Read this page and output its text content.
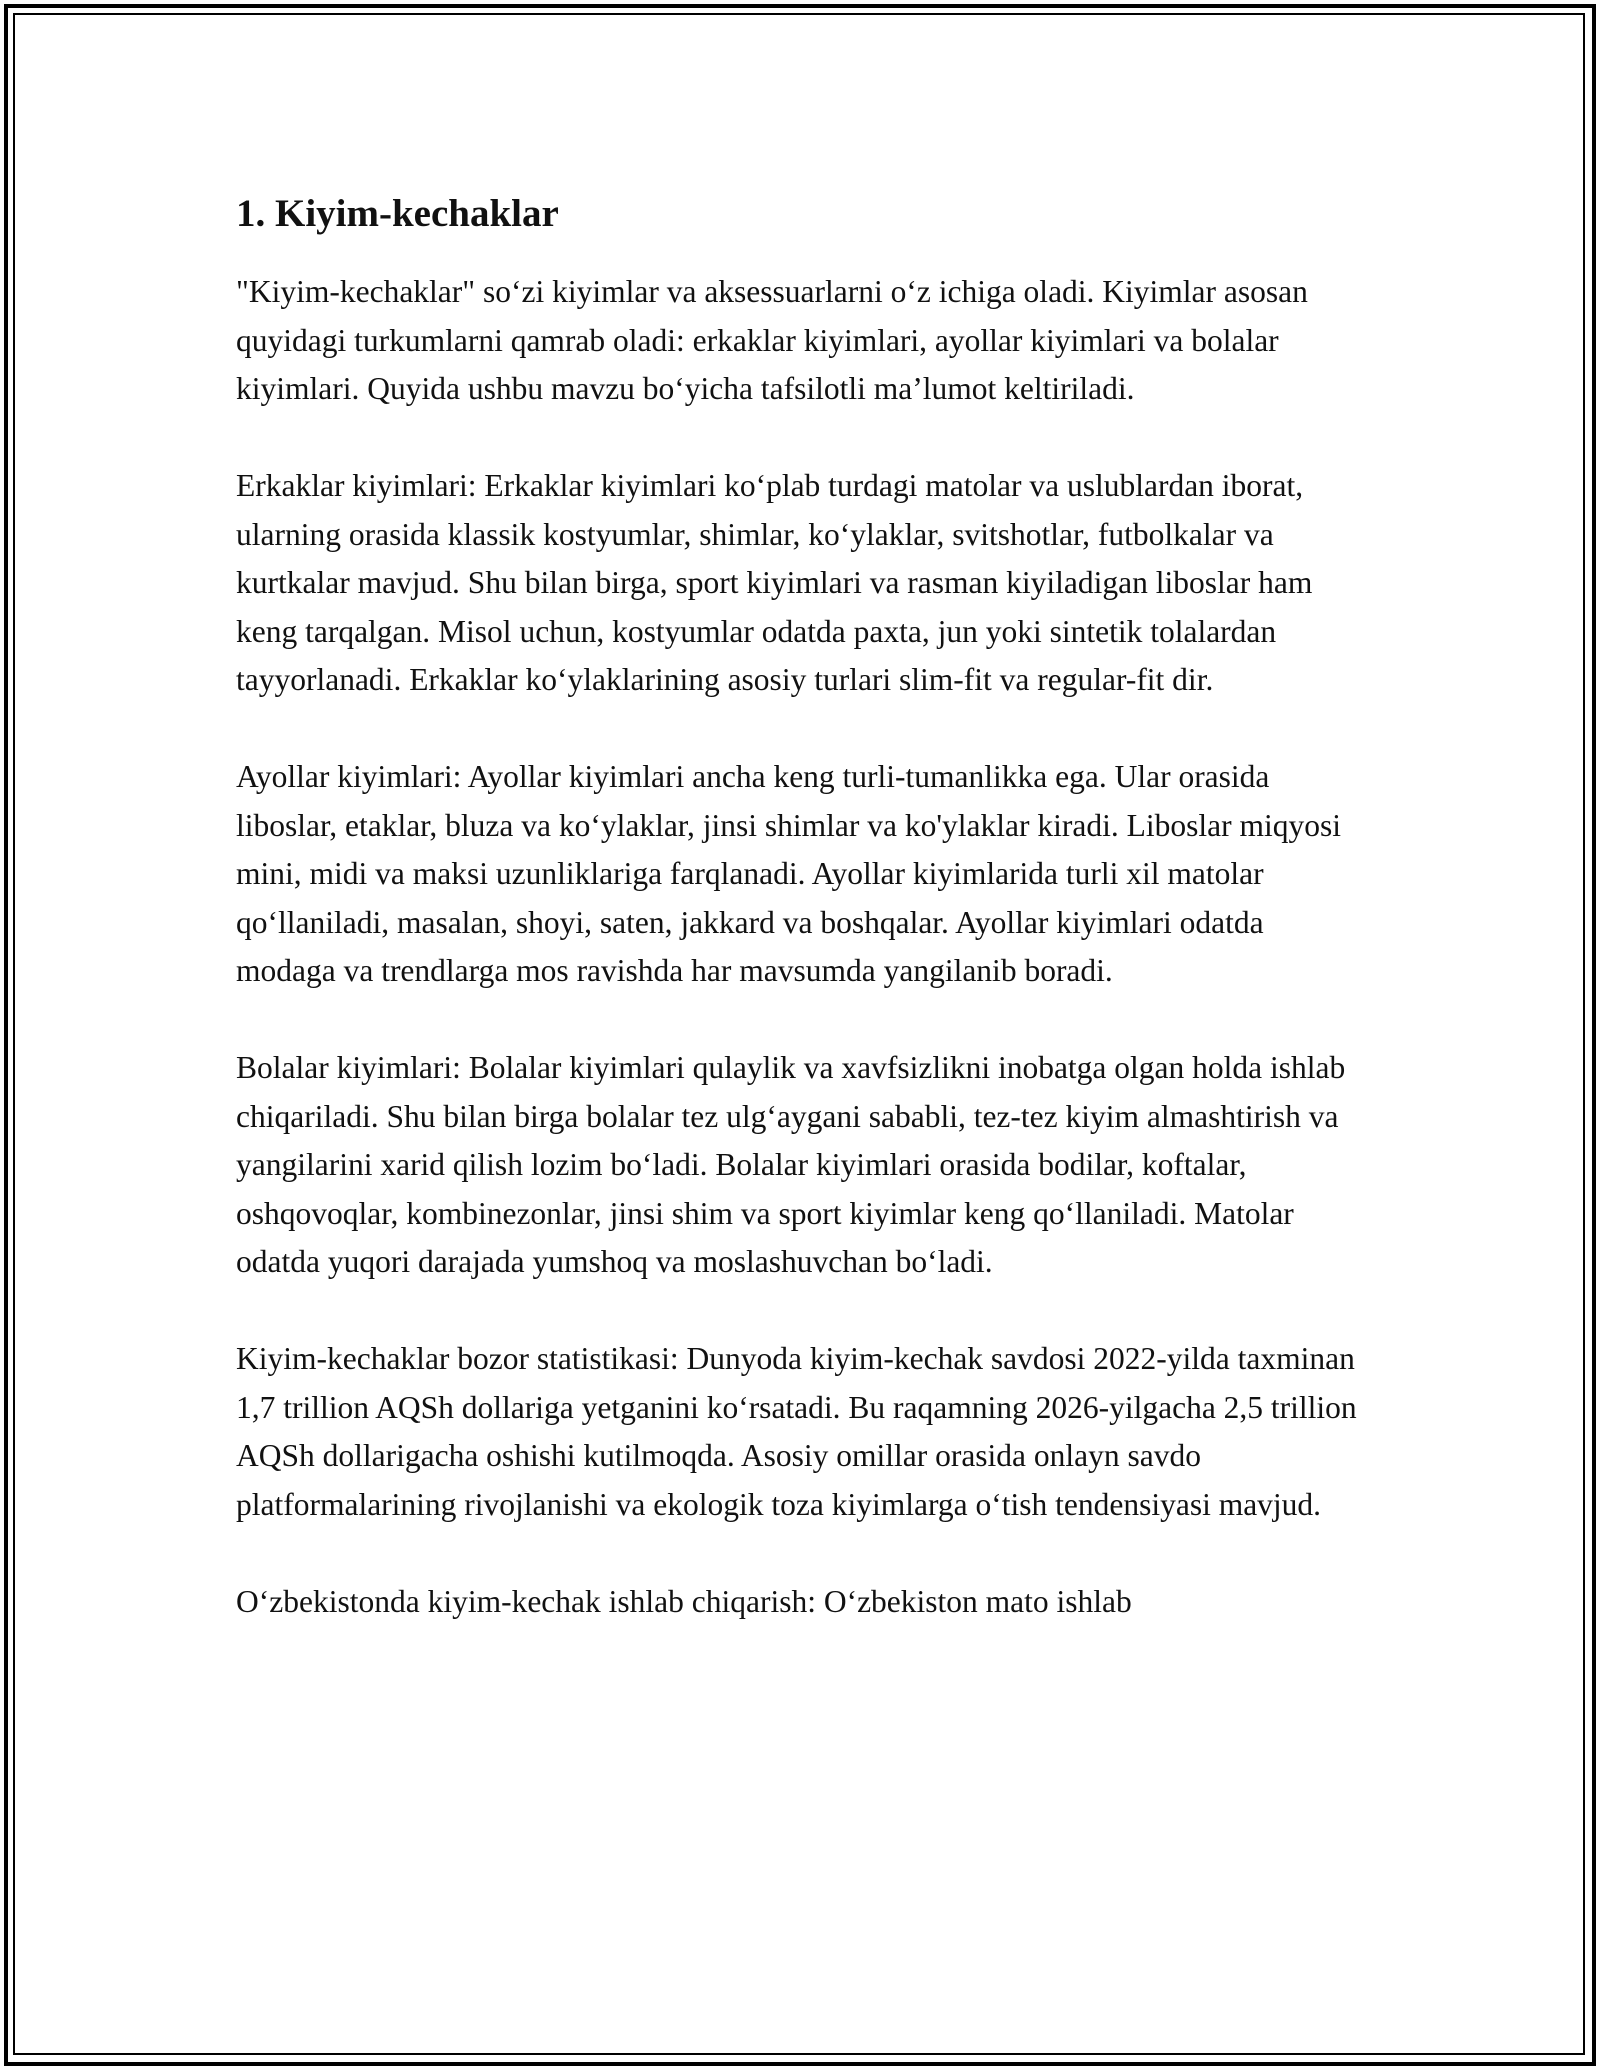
1. Kiyim-kechaklar

"Kiyim-kechaklar" so‘zi kiyimlar va aksessuarlarni o‘z ichiga oladi. Kiyimlar asosan quyidagi turkumlarni qamrab oladi: erkaklar kiyimlari, ayollar kiyimlari va bolalar kiyimlari. Quyida ushbu mavzu bo‘yicha tafsilotli ma’lumot keltiriladi.

Erkaklar kiyimlari: Erkaklar kiyimlari ko‘plab turdagi matolar va uslublardan iborat, ularning orasida klassik kostyumlar, shimlar, ko‘ylaklar, svitshotlar, futbolkalar va kurtkalar mavjud. Shu bilan birga, sport kiyimlari va rasman kiyiladigan liboslar ham keng tarqalgan. Misol uchun, kostyumlar odatda paxta, jun yoki sintetik tolalardan tayyorlanadi. Erkaklar ko‘ylaklarining asosiy turlari slim-fit va regular-fit dir.

Ayollar kiyimlari: Ayollar kiyimlari ancha keng turli-tumanlikka ega. Ular orasida liboslar, etaklar, bluza va ko‘ylaklar, jinsi shimlar va ko'ylaklar kiradi. Liboslar miqyosi mini, midi va maksi uzunliklariga farqlanadi. Ayollar kiyimlarida turli xil matolar qo‘llaniladi, masalan, shoyi, saten, jakkard va boshqalar. Ayollar kiyimlari odatda modaga va trendlarga mos ravishda har mavsumda yangilanib boradi.

Bolalar kiyimlari: Bolalar kiyimlari qulaylik va xavfsizlikni inobatga olgan holda ishlab chiqariladi. Shu bilan birga bolalar tez ulg‘aygani sababli, tez-tez kiyim almashtirish va yangilarini xarid qilish lozim bo‘ladi. Bolalar kiyimlari orasida bodilar, koftalar, oshqovoqlar, kombinezonlar, jinsi shim va sport kiyimlar keng qo‘llaniladi. Matolar odatda yuqori darajada yumshoq va moslashuvchan bo‘ladi.

Kiyim-kechaklar bozor statistikasi: Dunyoda kiyim-kechak savdosi 2022-yilda taxminan 1,7 trillion AQSh dollariga yetganini ko‘rsatadi. Bu raqamning 2026-yilgacha 2,5 trillion AQSh dollarigacha oshishi kutilmoqda. Asosiy omillar orasida onlayn savdo platformalarining rivojlanishi va ekologik toza kiyimlarga o‘tish tendensiyasi mavjud.

O‘zbekistonda kiyim-kechak ishlab chiqarish: O‘zbekiston mato ishlab
